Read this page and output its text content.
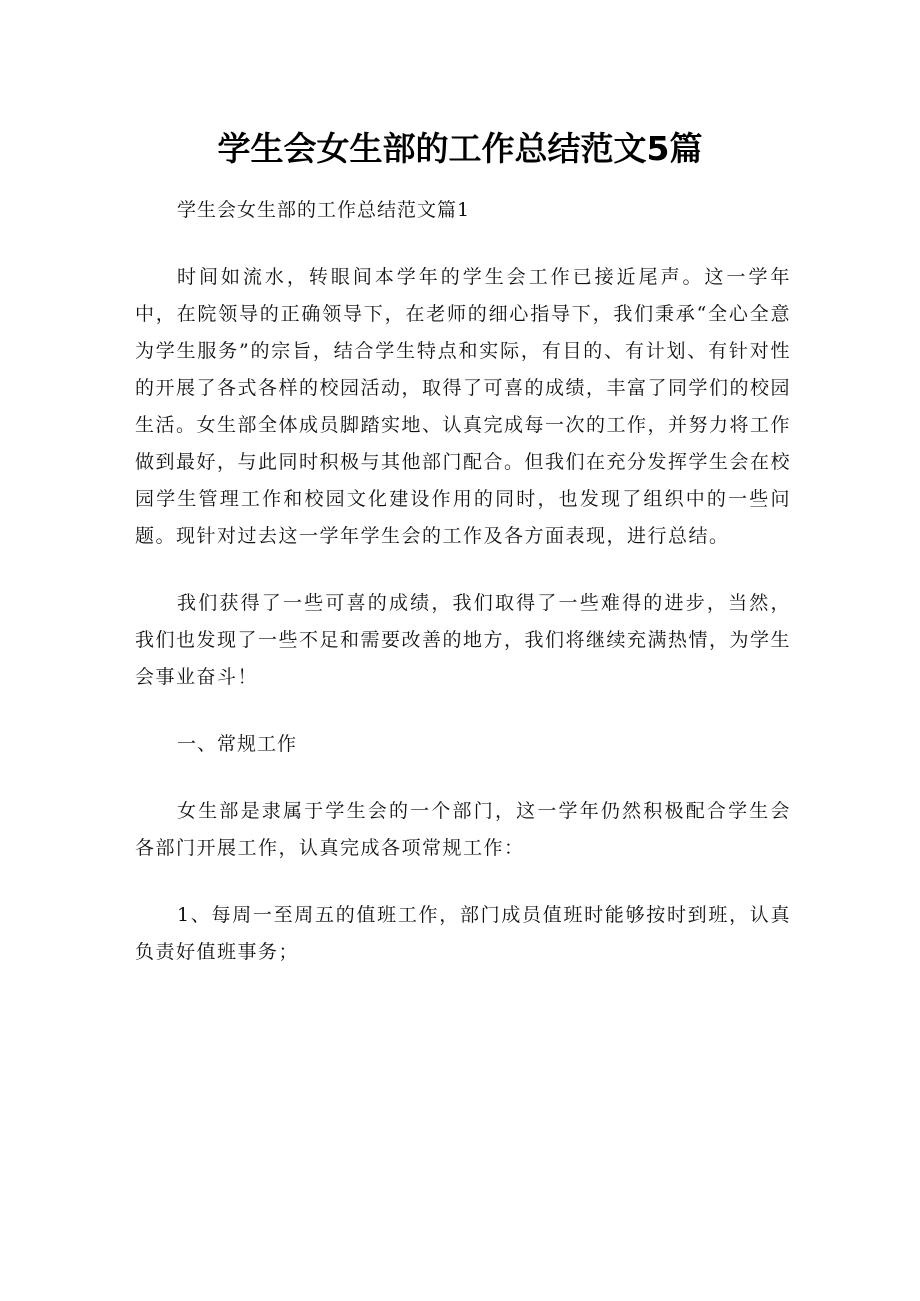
学生会女生部的工作总结范文5篇

学生会女生部的工作总结范文篇1

时间如流水，转眼间本学年的学生会工作已接近尾声。这一学年中，在院领导的正确领导下，在老师的细心指导下，我们秉承“全心全意为学生服务”的宗旨，结合学生特点和实际，有目的、有计划、有针对性的开展了各式各样的校园活动，取得了可喜的成绩，丰富了同学们的校园生活。女生部全体成员脚踏实地、认真完成每一次的工作，并努力将工作做到最好，与此同时积极与其他部门配合。但我们在充分发挥学生会在校园学生管理工作和校园文化建设作用的同时，也发现了组织中的一些问题。现针对过去这一学年学生会的工作及各方面表现，进行总结。

我们获得了一些可喜的成绩，我们取得了一些难得的进步，当然，我们也发现了一些不足和需要改善的地方，我们将继续充满热情，为学生会事业奋斗！

一、常规工作

女生部是隶属于学生会的一个部门，这一学年仍然积极配合学生会各部门开展工作，认真完成各项常规工作：

1、每周一至周五的值班工作，部门成员值班时能够按时到班，认真负责好值班事务；
